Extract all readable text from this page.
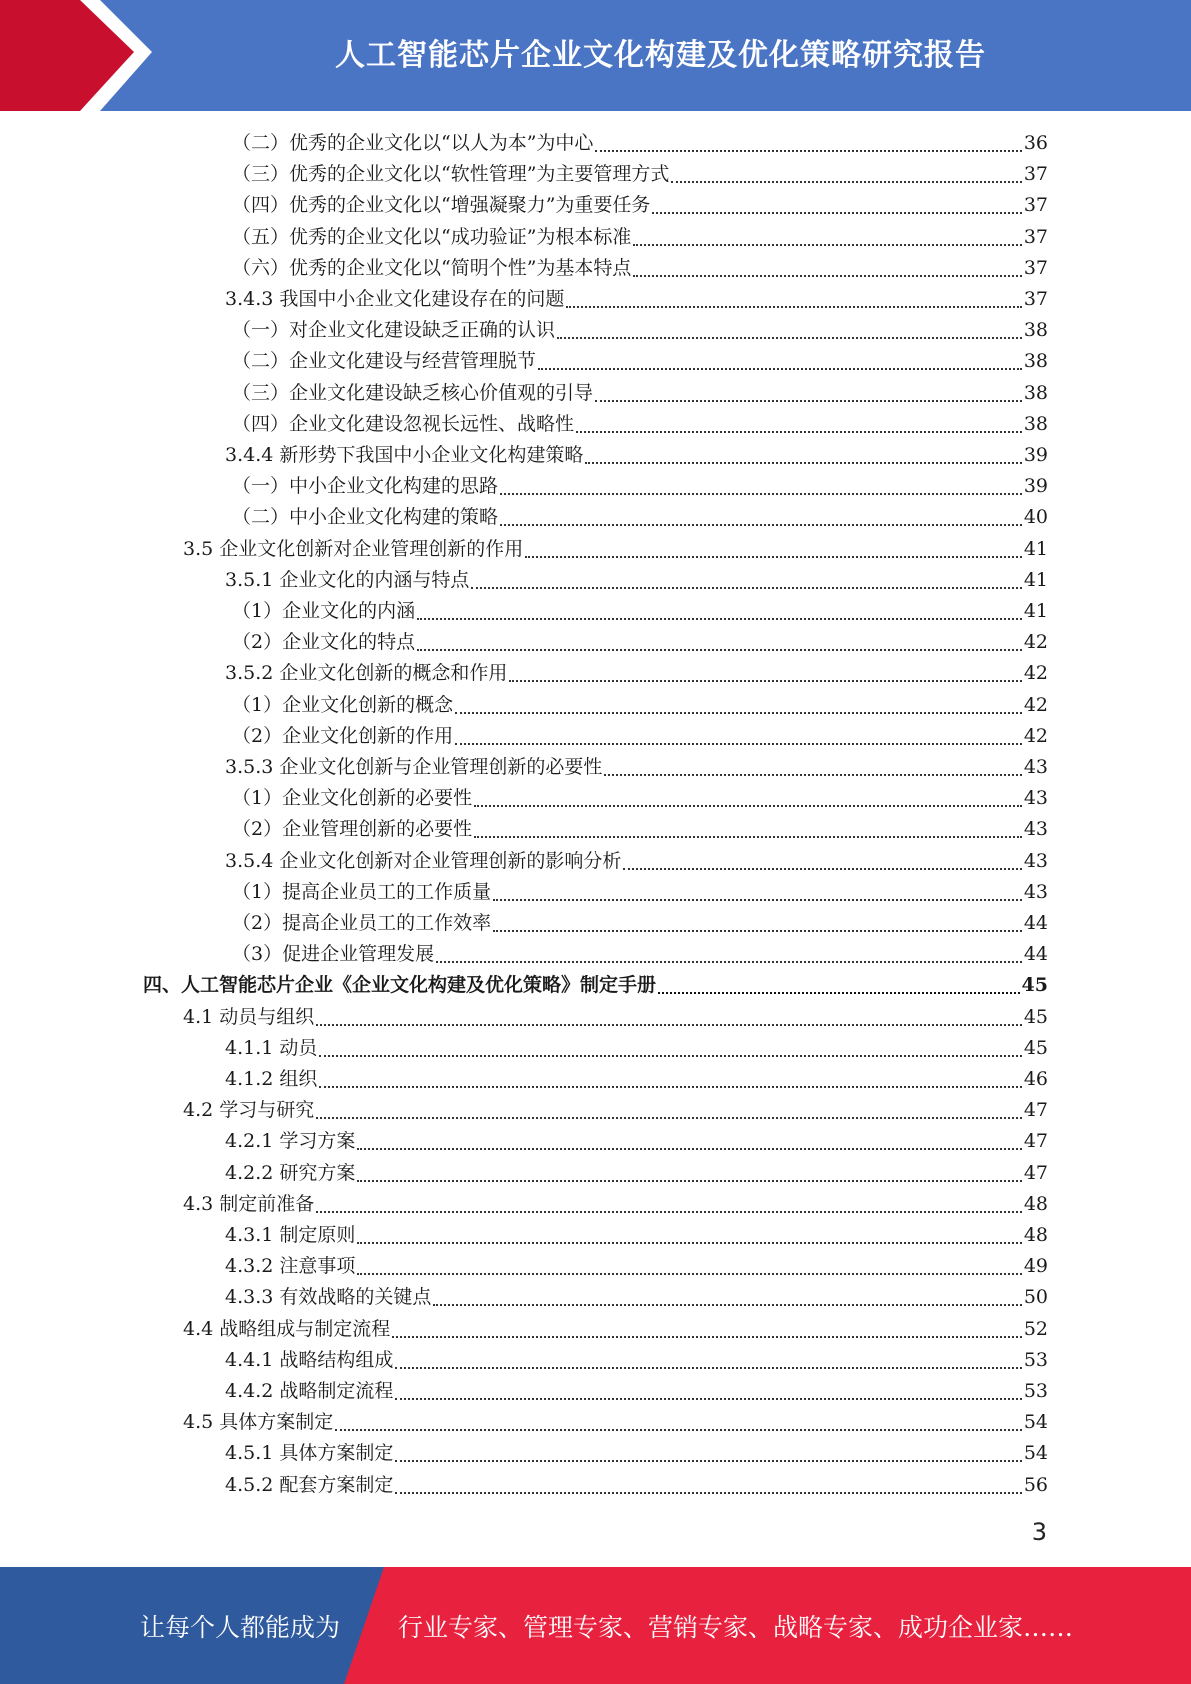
人工智能芯片企业文化构建及优化策略研究报告
（二）优秀的企业文化以“以人为本”为中心	36
（三）优秀的企业文化以“软性管理”为主要管理方式	37
（四）优秀的企业文化以“增强凝聚力”为重要任务	37
（五）优秀的企业文化以“成功验证”为根本标准	37
（六）优秀的企业文化以“简明个性”为基本特点	37
3.4.3 我国中小企业文化建设存在的问题	37
（一）对企业文化建设缺乏正确的认识	38
（二）企业文化建设与经营管理脱节	38
（三）企业文化建设缺乏核心价值观的引导	38
（四）企业文化建设忽视长远性、战略性	38
3.4.4 新形势下我国中小企业文化构建策略	39
（一）中小企业文化构建的思路	39
（二）中小企业文化构建的策略	40
3.5 企业文化创新对企业管理创新的作用	41
3.5.1 企业文化的内涵与特点	41
（1）企业文化的内涵	41
（2）企业文化的特点	42
3.5.2 企业文化创新的概念和作用	42
（1）企业文化创新的概念	42
（2）企业文化创新的作用	42
3.5.3 企业文化创新与企业管理创新的必要性	43
（1）企业文化创新的必要性	43
（2）企业管理创新的必要性	43
3.5.4 企业文化创新对企业管理创新的影响分析	43
（1）提高企业员工的工作质量	43
（2）提高企业员工的工作效率	44
（3）促进企业管理发展	44
四、人工智能芯片企业《企业文化构建及优化策略》制定手册	45
4.1 动员与组织	45
4.1.1 动员	45
4.1.2 组织	46
4.2 学习与研究	47
4.2.1 学习方案	47
4.2.2 研究方案	47
4.3 制定前准备	48
4.3.1 制定原则	48
4.3.2 注意事项	49
4.3.3 有效战略的关键点	50
4.4 战略组成与制定流程	52
4.4.1 战略结构组成	53
4.4.2 战略制定流程	53
4.5 具体方案制定	54
4.5.1 具体方案制定	54
4.5.2 配套方案制定	56
3
让每个人都能成为 行业专家、管理专家、营销专家、战略专家、成功企业家……
